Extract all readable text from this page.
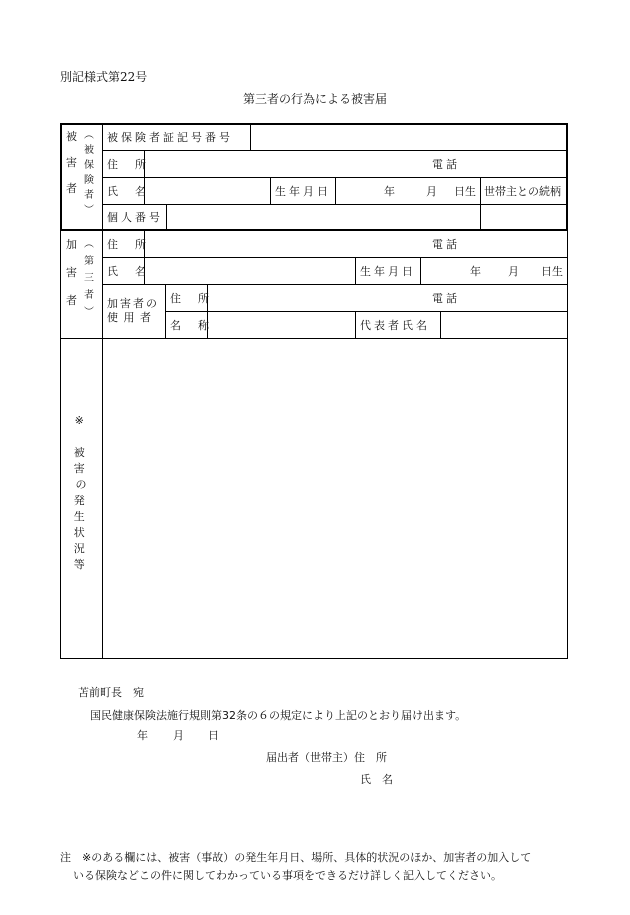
別記様式第22号
第三者の行為による被害届
被

害

者
︵
被
保
険
者
︶
被保険者証記号番号
住　所	電話
氏　名	生年月日	年	月 日生 世帯主との続柄
個人番号
加

害

者
︵
第
三
者
︶
住　所	電話
氏　名	生年月日	年 月 日生
加害者の
使 用 者
住　所	電話
名　称	代表者氏名
※

被
害
の
発
生
状
況
等
苫前町長　宛
国民健康保険法施行規則第32条の６の規定により上記のとおり届け出ます。
年 月 日
届出者（世帯主）住　所
氏　名
注　※のある欄には、被害（事故）の発生年月日、場所、具体的状況のほか、加害者の加入して
いる保険などこの件に関してわかっている事項をできるだけ詳しく記入してください。
